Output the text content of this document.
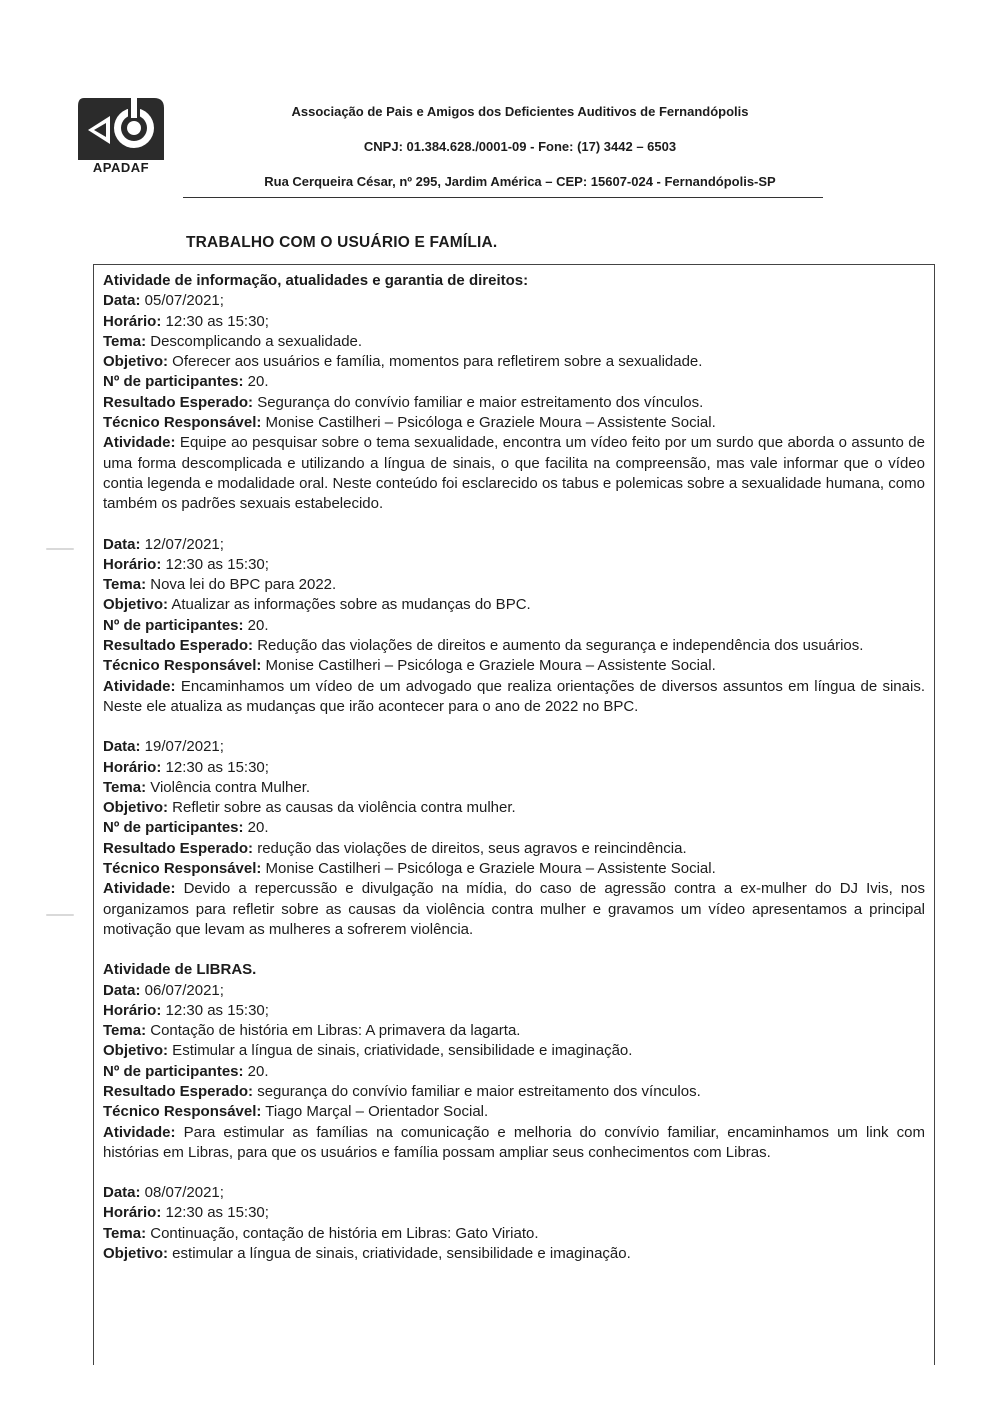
APADAF
Associação de Pais e Amigos dos Deficientes Auditivos de Fernandópolis
CNPJ: 01.384.628./0001-09 - Fone: (17) 3442 – 6503
Rua Cerqueira César, nº 295, Jardim América – CEP: 15607-024 - Fernandópolis-SP
TRABALHO COM O USUÁRIO E FAMÍLIA.
Atividade de informação, atualidades e garantia de direitos:
Data: 05/07/2021;
Horário: 12:30 as 15:30;
Tema: Descomplicando a sexualidade.
Objetivo: Oferecer aos usuários e família, momentos para refletirem sobre a sexualidade.
Nº de participantes: 20.
Resultado Esperado: Segurança do convívio familiar e maior estreitamento dos vínculos.
Técnico Responsável: Monise Castilheri – Psicóloga e Graziele Moura – Assistente Social.
Atividade: Equipe ao pesquisar sobre o tema sexualidade, encontra um vídeo feito por um surdo que aborda o assunto de uma forma descomplicada e utilizando a língua de sinais, o que facilita na compreensão, mas vale informar que o vídeo contia legenda e modalidade oral. Neste conteúdo foi esclarecido os tabus e polemicas sobre a sexualidade humana, como também os padrões sexuais estabelecido.
Data: 12/07/2021;
Horário: 12:30 as 15:30;
Tema: Nova lei do BPC para 2022.
Objetivo: Atualizar as informações sobre as mudanças do BPC.
Nº de participantes: 20.
Resultado Esperado: Redução das violações de direitos e aumento da segurança e independência dos usuários.
Técnico Responsável: Monise Castilheri – Psicóloga e Graziele Moura – Assistente Social.
Atividade: Encaminhamos um vídeo de um advogado que realiza orientações de diversos assuntos em língua de sinais. Neste ele atualiza as mudanças que irão acontecer para o ano de 2022 no BPC.
Data: 19/07/2021;
Horário: 12:30 as 15:30;
Tema: Violência contra Mulher.
Objetivo: Refletir sobre as causas da violência contra mulher.
Nº de participantes: 20.
Resultado Esperado: redução das violações de direitos, seus agravos e reincindência.
Técnico Responsável: Monise Castilheri – Psicóloga e Graziele Moura – Assistente Social.
Atividade: Devido a repercussão e divulgação na mídia, do caso de agressão contra a ex-mulher do DJ Ivis, nos organizamos para refletir sobre as causas da violência contra mulher e gravamos um vídeo apresentamos a principal motivação que levam as mulheres a sofrerem violência.
Atividade de LIBRAS.
Data: 06/07/2021;
Horário: 12:30 as 15:30;
Tema: Contação de história em Libras: A primavera da lagarta.
Objetivo: Estimular a língua de sinais, criatividade, sensibilidade e imaginação.
Nº de participantes: 20.
Resultado Esperado: segurança do convívio familiar e maior estreitamento dos vínculos.
Técnico Responsável: Tiago Marçal – Orientador Social.
Atividade: Para estimular as famílias na comunicação e melhoria do convívio familiar, encaminhamos um link com histórias em Libras, para que os usuários e família possam ampliar seus conhecimentos com Libras.
Data: 08/07/2021;
Horário: 12:30 as 15:30;
Tema: Continuação, contação de história em Libras: Gato Viriato.
Objetivo: estimular a língua de sinais, criatividade, sensibilidade e imaginação.
